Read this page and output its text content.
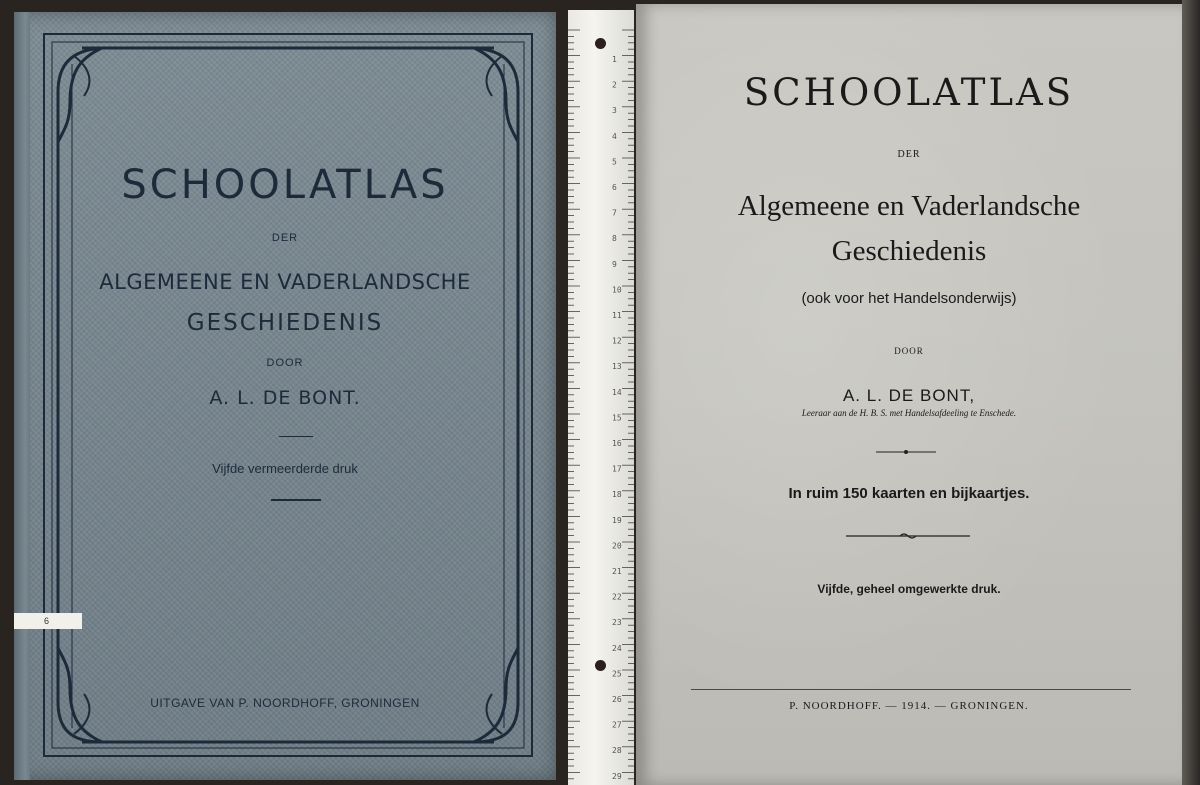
SCHOOLATLAS
DER
ALGEMEENE EN VADERLANDSCHE
GESCHIEDENIS
DOOR
A. L. DE BONT.
Vijfde vermeerderde druk
UITGAVE VAN P. NOORDHOFF, GRONINGEN
6
1
2
3
4
5
6
7
8
9
10
11
12
13
14
15
16
17
18
19
20
21
22
23
24
25
26
27
28
29
SCHOOLATLAS
DER
Algemeene en Vaderlandsche
Geschiedenis
(ook voor het Handelsonderwijs)
DOOR
A. L. DE BONT,
Leeraar aan de H. B. S. met Handelsafdeeling te Enschede.
In ruim 150 kaarten en bijkaartjes.
Vijfde, geheel omgewerkte druk.
P. NOORDHOFF. — 1914. — GRONINGEN.
